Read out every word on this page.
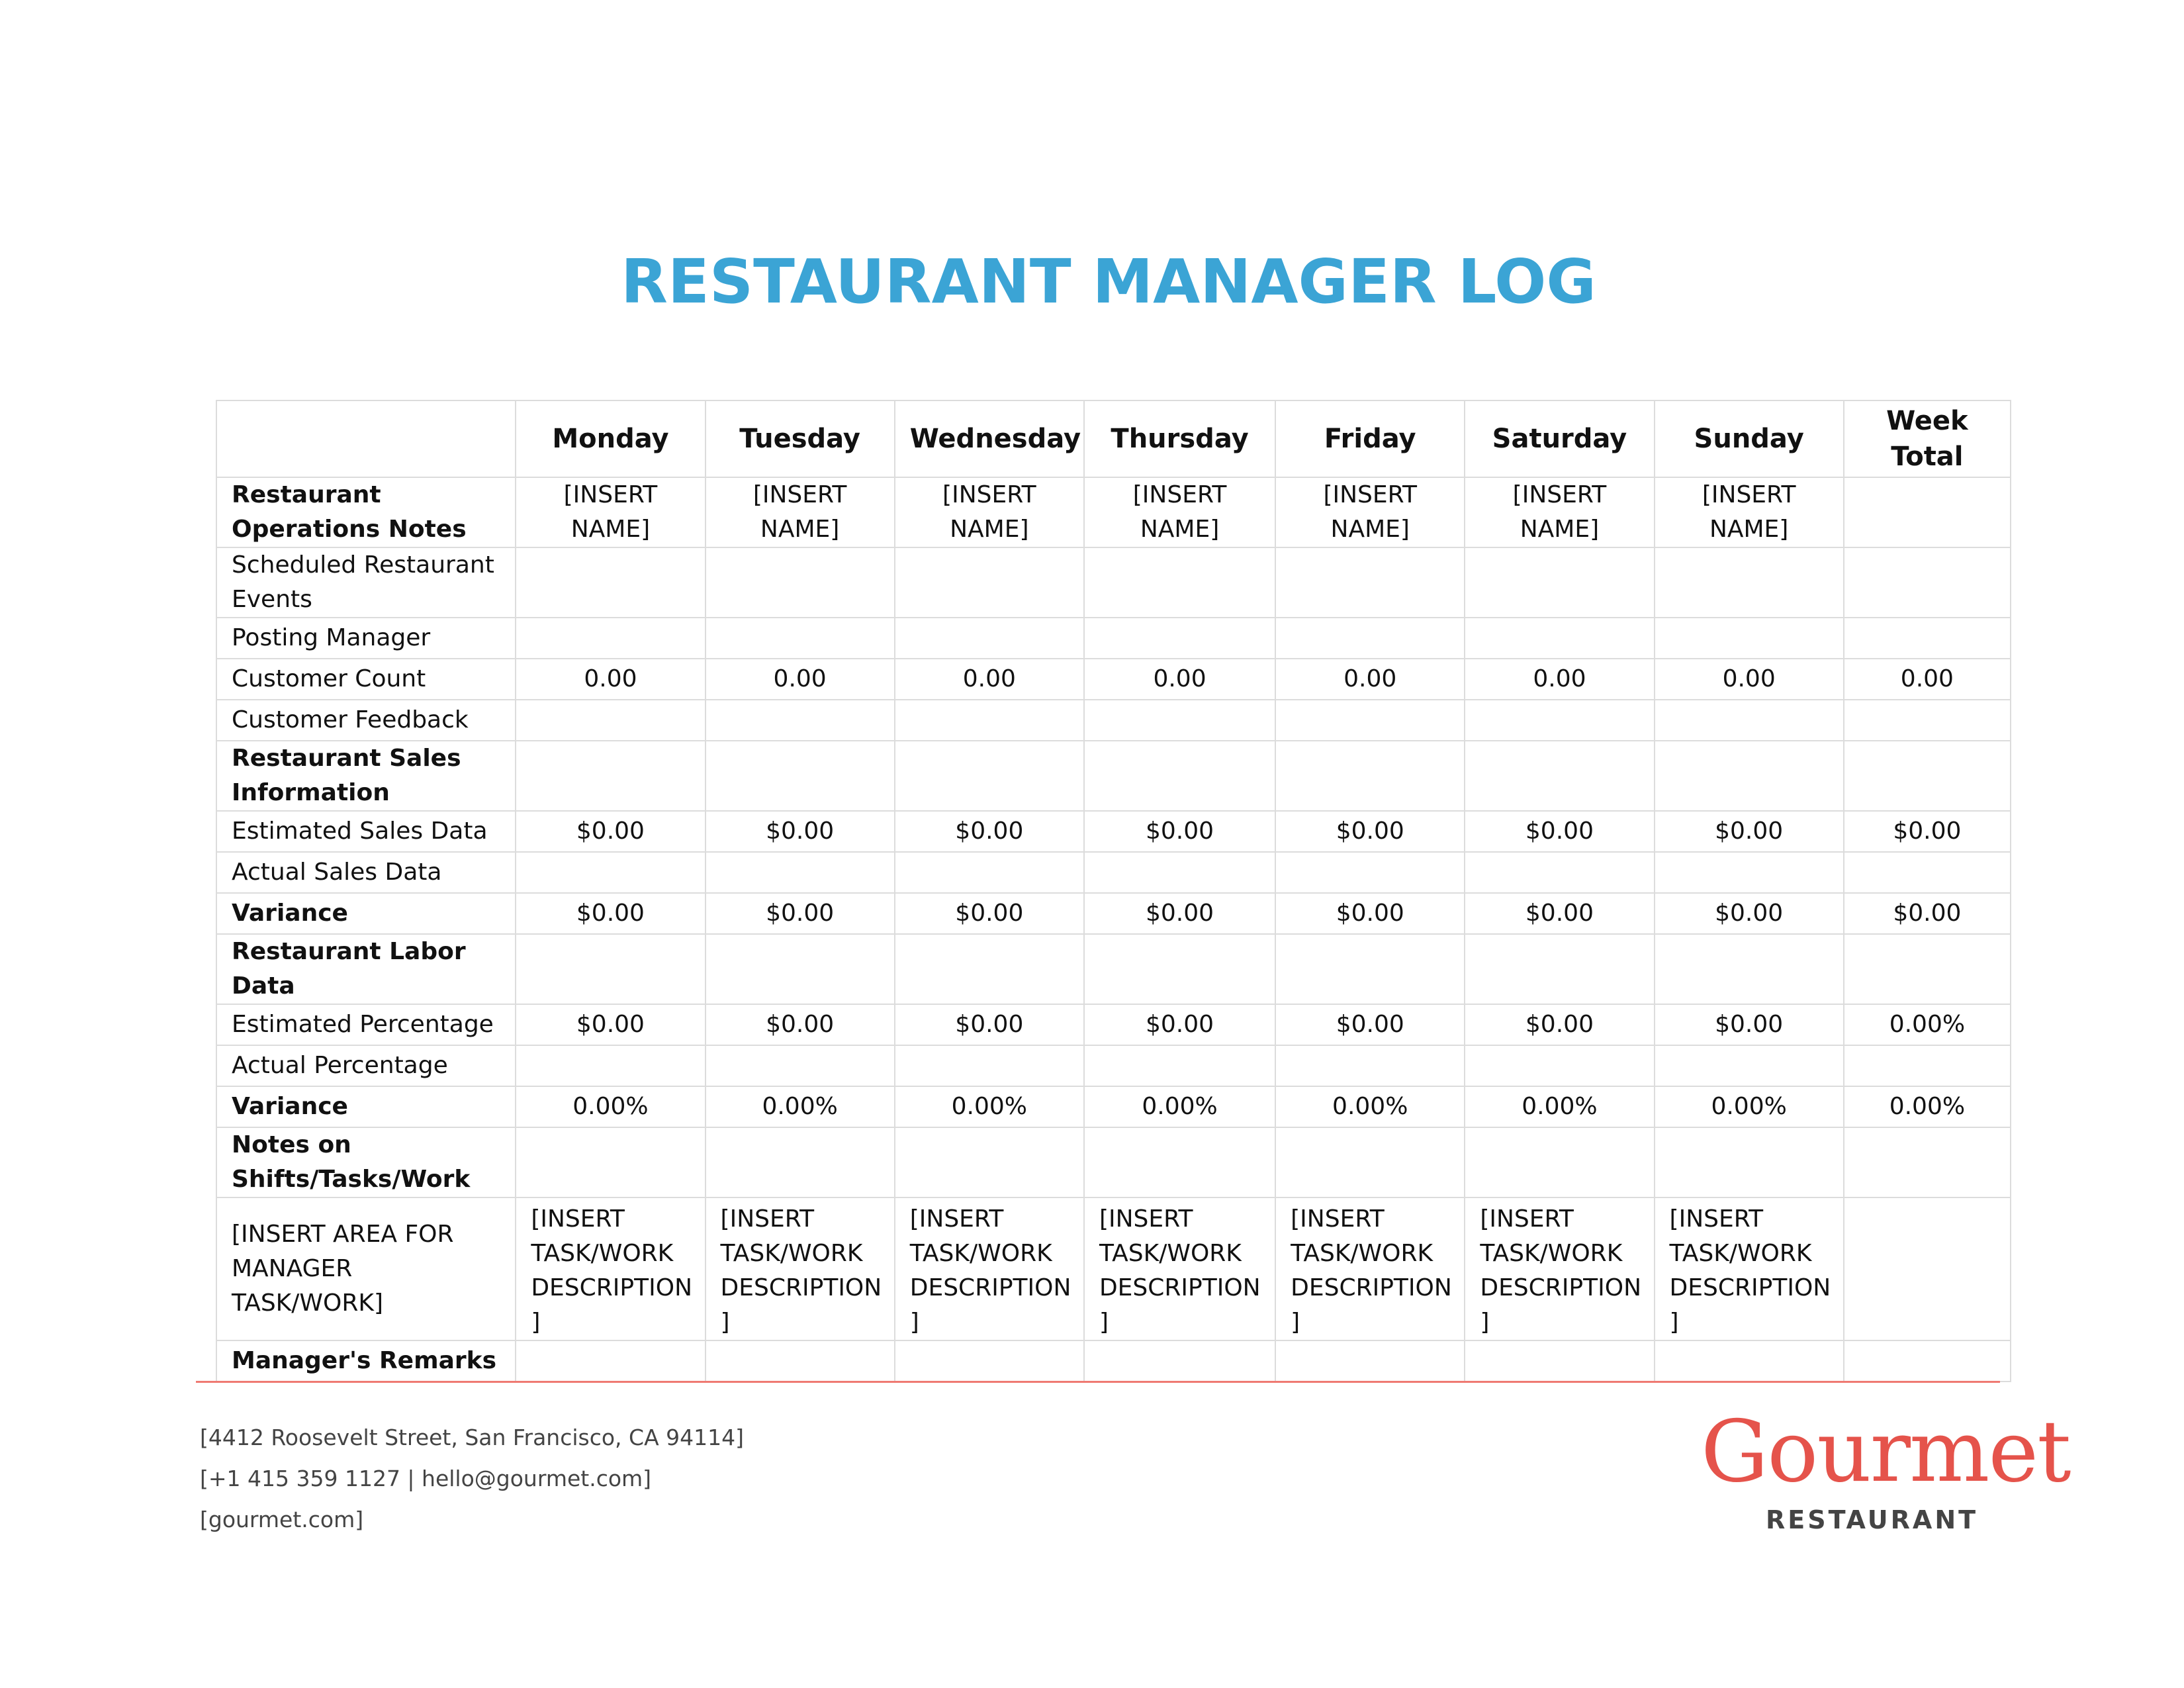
RESTAURANT MANAGER LOG
	Monday	Tuesday	Wednesday	Thursday	Friday	Saturday	Sunday	Week Total
Restaurant Operations Notes	[INSERT NAME]	[INSERT NAME]	[INSERT NAME]	[INSERT NAME]	[INSERT NAME]	[INSERT NAME]	[INSERT NAME]	
Scheduled Restaurant Events								
Posting Manager								
Customer Count	0.00	0.00	0.00	0.00	0.00	0.00	0.00	0.00
Customer Feedback								
Restaurant Sales Information								
Estimated Sales Data	$0.00	$0.00	$0.00	$0.00	$0.00	$0.00	$0.00	$0.00
Actual Sales Data								
Variance	$0.00	$0.00	$0.00	$0.00	$0.00	$0.00	$0.00	$0.00
Restaurant Labor Data								
Estimated Percentage	$0.00	$0.00	$0.00	$0.00	$0.00	$0.00	$0.00	0.00%
Actual Percentage								
Variance	0.00%	0.00%	0.00%	0.00%	0.00%	0.00%	0.00%	0.00%
Notes on Shifts/Tasks/Work								
[INSERT AREA FOR MANAGER TASK/WORK]	[INSERT TASK/WORK DESCRIPTION ]	[INSERT TASK/WORK DESCRIPTION ]	[INSERT TASK/WORK DESCRIPTION ]	[INSERT TASK/WORK DESCRIPTION ]	[INSERT TASK/WORK DESCRIPTION ]	[INSERT TASK/WORK DESCRIPTION ]	[INSERT TASK/WORK DESCRIPTION ]	
Manager's Remarks								
[4412 Roosevelt Street, San Francisco, CA 94114]
[+1 415 359 1127 | hello@gourmet.com]
[gourmet.com]
Gourmet
RESTAURANT
